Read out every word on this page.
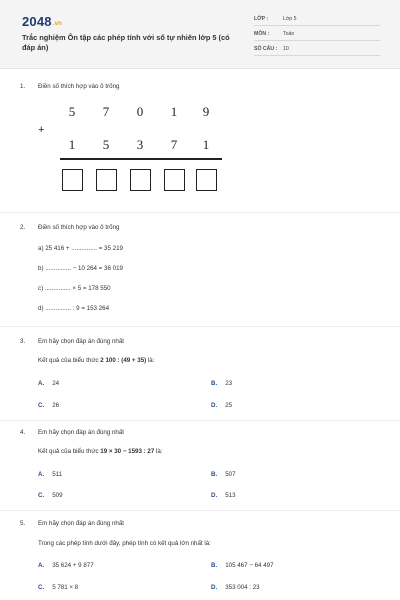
2048.vn
Trắc nghiệm Ôn tập các phép tính với số tự nhiên lớp 5 (có đáp án)
LỚP :	Lớp 5
MÔN :	Toán
SỐ CÂU : 10
1. Điền số thích hợp vào ô trống
5	7	0	1	9
+
1	5	3	7	1
2. Điền số thích hợp vào ô trống
a) 25 416 + ............... = 35 219
b) ............... − 10 264 = 36 019
c) ............... × 5 = 178 550
d) ............... : 9 = 153 264
3. Em hãy chọn đáp án đúng nhất
Kết quả của biểu thức 2 100 : (49 + 35) là:
A. 24	B. 23
C. 26	D. 25
4. Em hãy chọn đáp án đúng nhất
Kết quả của biểu thức 19 × 30 − 1593 : 27 là:
A. 511	B. 507
C. 509	D. 513
5. Em hãy chọn đáp án đúng nhất
Trong các phép tính dưới đây, phép tính có kết quả lớn nhất là:
A. 35 624 + 9 877	B. 105 467 − 64 497
C. 5 781 × 8	D. 353 004 : 23
